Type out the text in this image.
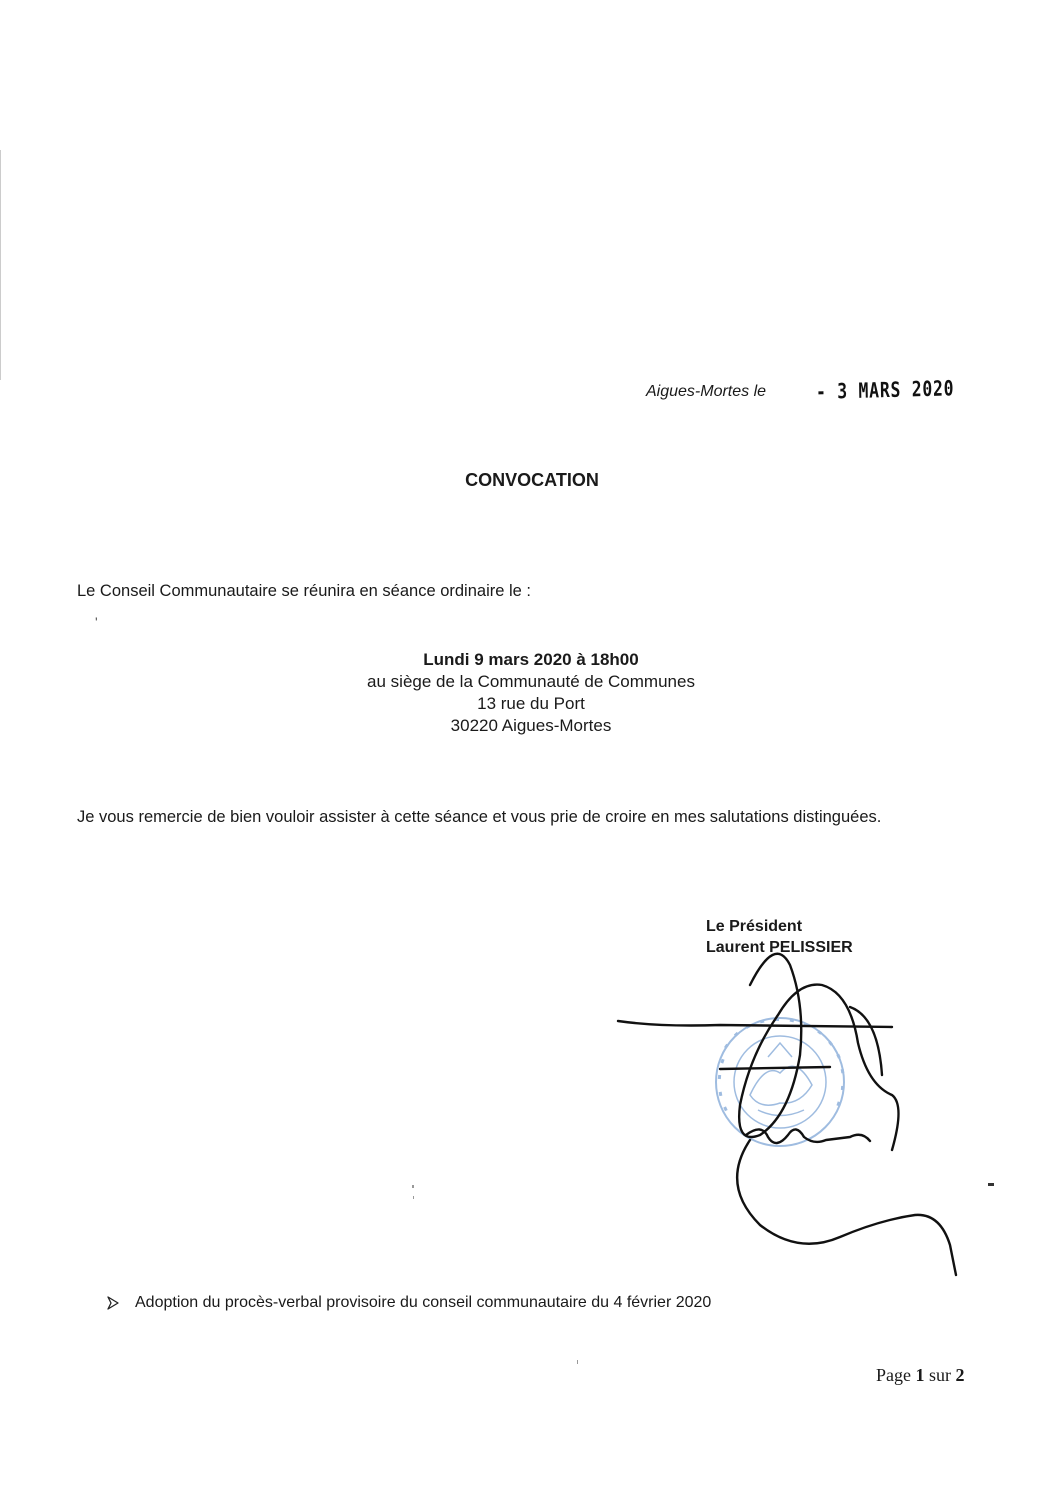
Aigues-Mortes le - 3 MARS 2020
CONVOCATION
Le Conseil Communautaire se réunira en séance ordinaire le :
'
Lundi 9 mars 2020 à 18h00
au siège de la Communauté de Communes
13 rue du Port
30220 Aigues-Mortes
Je vous remercie de bien vouloir assister à cette séance et vous prie de croire en mes salutations distinguées.
Le Président
Laurent PELISSIER
Adoption du procès-verbal provisoire du conseil communautaire du 4 février 2020
Page 1 sur 2
